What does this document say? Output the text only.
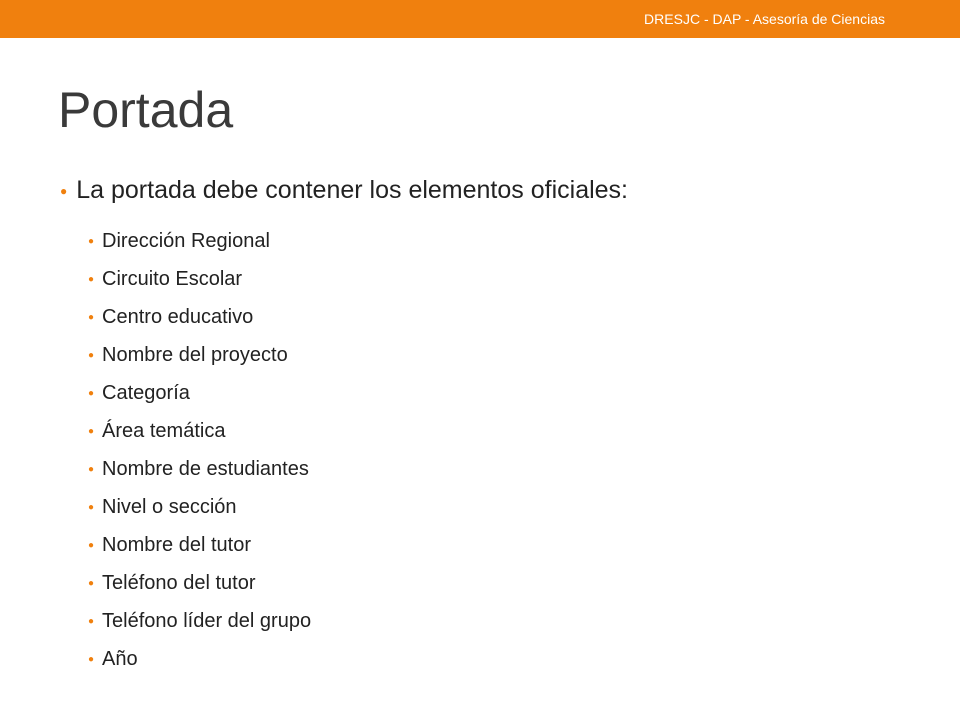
DRESJC - DAP - Asesoría de Ciencias
Portada
● La portada debe contener los elementos oficiales:
● Dirección Regional
● Circuito Escolar
● Centro educativo
● Nombre del proyecto
● Categoría
● Área temática
● Nombre de estudiantes
● Nivel o sección
● Nombre del tutor
● Teléfono del tutor
● Teléfono líder del grupo
● Año
